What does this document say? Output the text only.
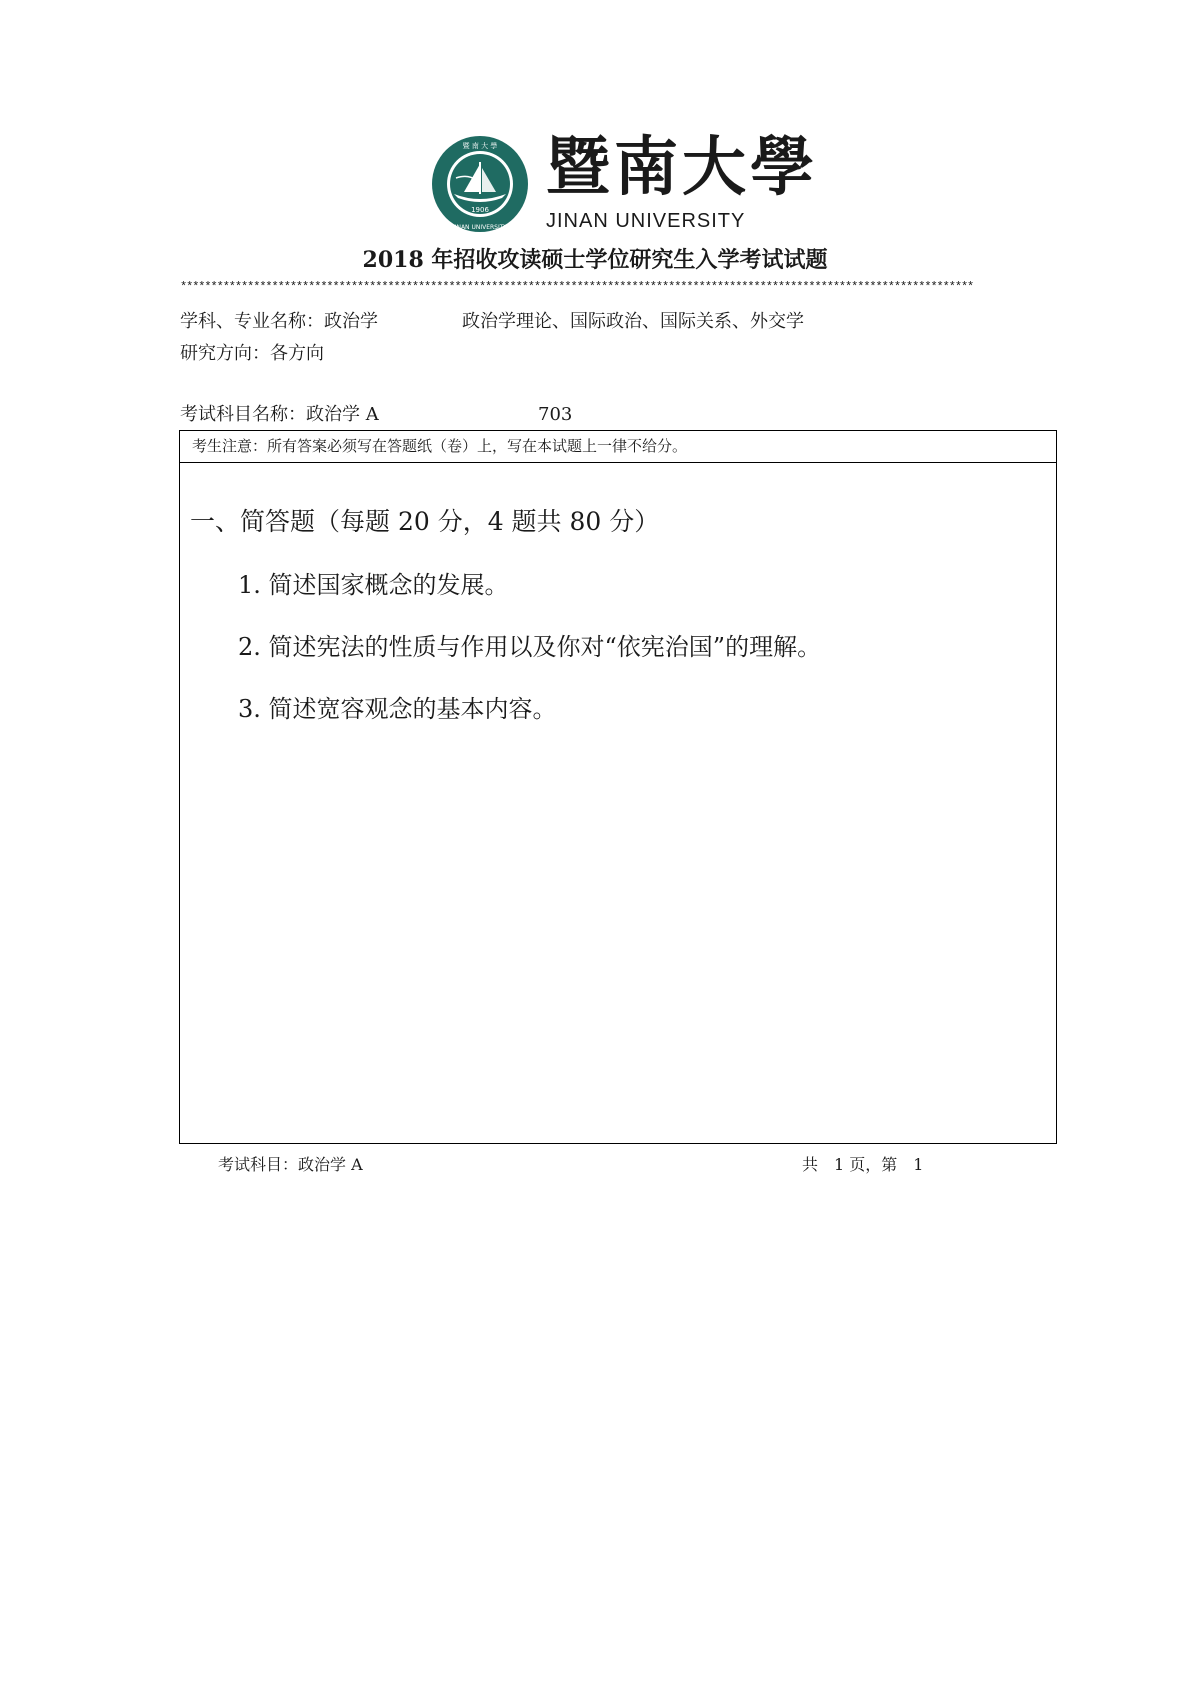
1906
暨 南 大 學
JINAN UNIVERSITY
暨南大學
JINAN UNIVERSITY
2018 年招收攻读硕士学位研究生入学考试试题
**********************************************************************************************************************************
学科、专业名称：政治学	政治学理论、国际政治、国际关系、外交学
研究方向：各方向
考试科目名称：政治学 A	703
考生注意：所有答案必须写在答题纸（卷）上，写在本试题上一律不给分。
一、简答题（每题 20 分，4 题共 80 分）
1. 简述国家概念的发展。
2. 简述宪法的性质与作用以及你对“依宪治国”的理解。
3. 简述宽容观念的基本内容。
考试科目：政治学 A	共　1 页，第　1
